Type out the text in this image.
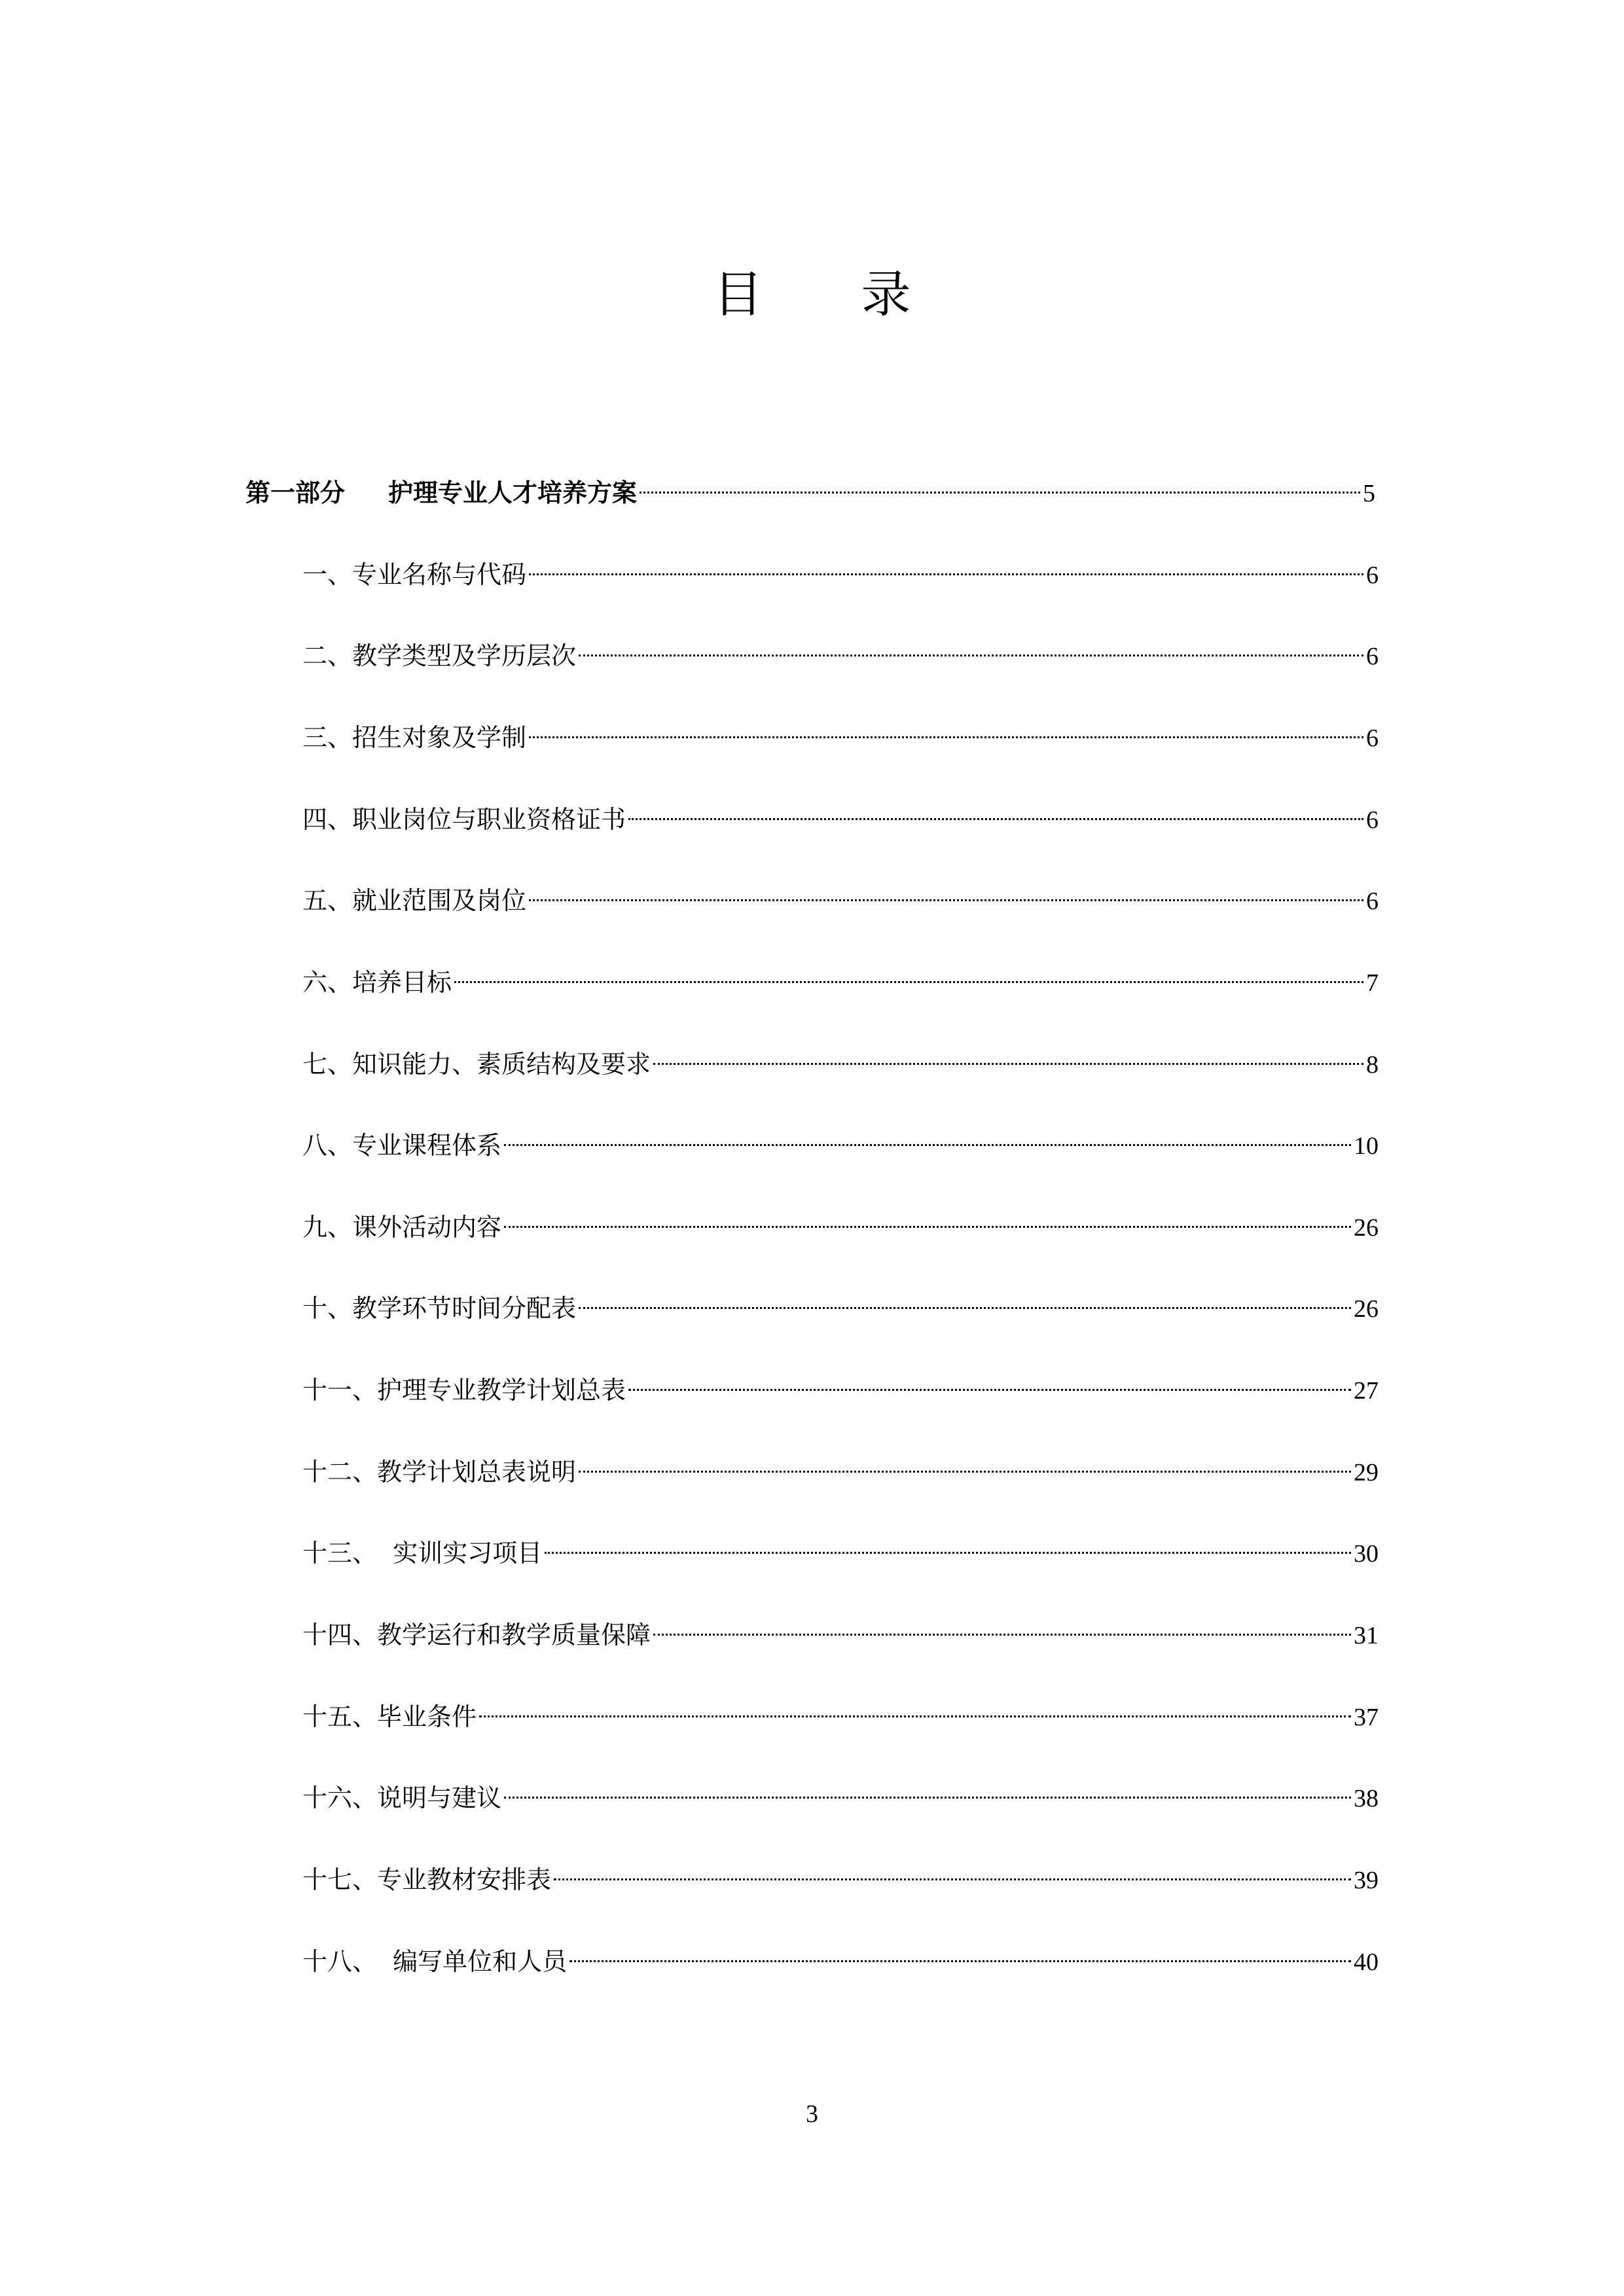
目 录
第一部分 护理专业人才培养方案	5
一、专业名称与代码	6
二、教学类型及学历层次	6
三、招生对象及学制	6
四、职业岗位与职业资格证书	6
五、就业范围及岗位	6
六、培养目标	7
七、知识能力、素质结构及要求	8
八、专业课程体系	10
九、课外活动内容	26
十、教学环节时间分配表	26
十一、护理专业教学计划总表	27
十二、教学计划总表说明	29
十三、  实训实习项目	30
十四、教学运行和教学质量保障	31
十五、毕业条件	37
十六、说明与建议	38
十七、专业教材安排表	39
十八、  编写单位和人员	40
3
